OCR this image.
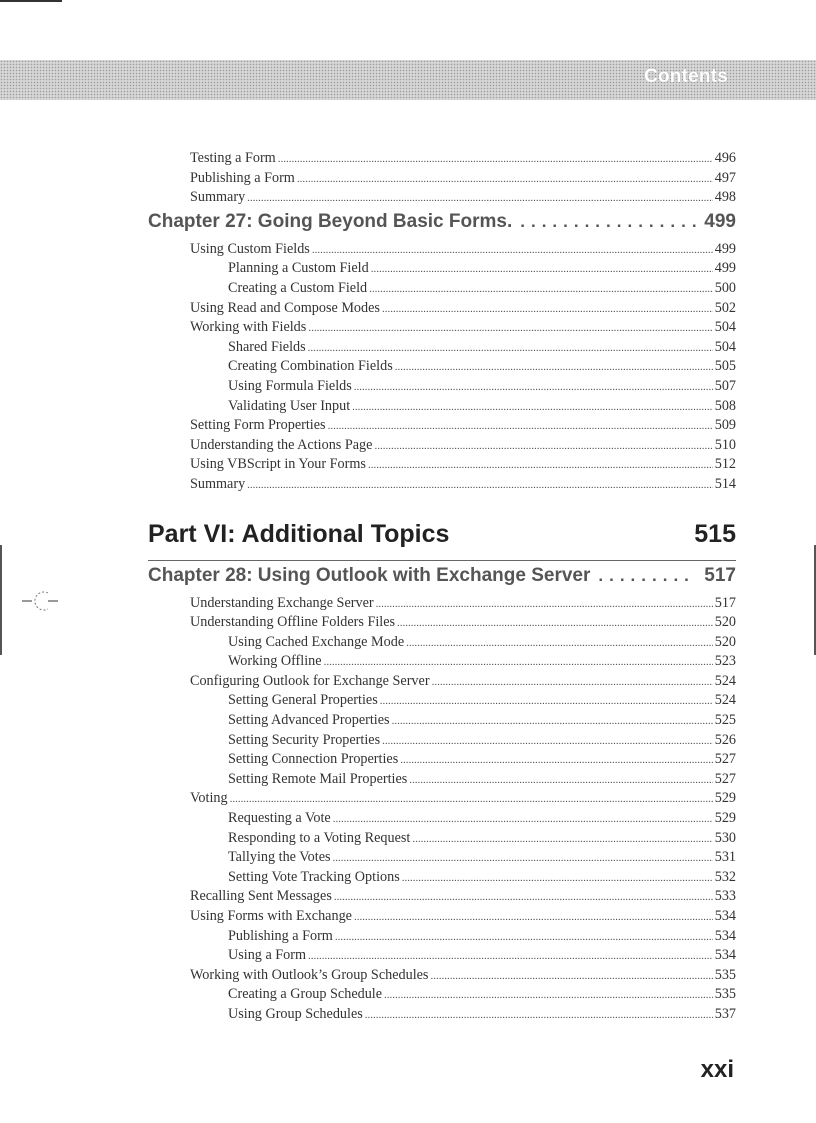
Contents
Testing a Form .....	496
Publishing a Form .....	497
Summary .....	498
Chapter 27: Going Beyond Basic Forms. .....	499
Using Custom Fields .....	499
Planning a Custom Field .....	499
Creating a Custom Field .....	500
Using Read and Compose Modes .....	502
Working with Fields .....	504
Shared Fields .....	504
Creating Combination Fields .....	505
Using Formula Fields .....	507
Validating User Input .....	508
Setting Form Properties .....	509
Understanding the Actions Page .....	510
Using VBScript in Your Forms .....	512
Summary .....	514
Part VI: Additional Topics	515
Chapter 28: Using Outlook with Exchange Server .....	517
Understanding Exchange Server .....	517
Understanding Offline Folders Files .....	520
Using Cached Exchange Mode .....	520
Working Offline .....	523
Configuring Outlook for Exchange Server .....	524
Setting General Properties .....	524
Setting Advanced Properties .....	525
Setting Security Properties .....	526
Setting Connection Properties .....	527
Setting Remote Mail Properties .....	527
Voting .....	529
Requesting a Vote .....	529
Responding to a Voting Request .....	530
Tallying the Votes .....	531
Setting Vote Tracking Options .....	532
Recalling Sent Messages .....	533
Using Forms with Exchange .....	534
Publishing a Form .....	534
Using a Form .....	534
Working with Outlook’s Group Schedules .....	535
Creating a Group Schedule .....	535
Using Group Schedules .....	537
xxi
